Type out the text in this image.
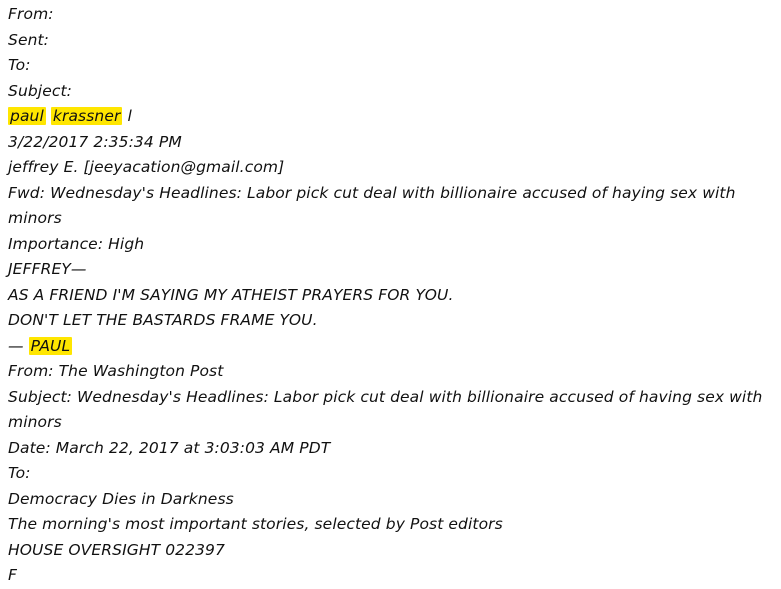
From:
Sent:
To:
Subject:
paul krassner l
3/22/2017 2:35:34 PM
jeffrey E. [jeeyacation@gmail.com]
Fwd: Wednesday's Headlines: Labor pick cut deal with billionaire accused of haying sex with minors
Importance: High
JEFFREY—
AS A FRIEND I'M SAYING MY ATHEIST PRAYERS FOR YOU.
DON'T LET THE BASTARDS FRAME YOU.
— PAUL
From: The Washington Post
Subject: Wednesday's Headlines: Labor pick cut deal with billionaire accused of having sex with minors
Date: March 22, 2017 at 3:03:03 AM PDT
To:
Democracy Dies in Darkness
The morning's most important stories, selected by Post editors
HOUSE OVERSIGHT 022397
F
